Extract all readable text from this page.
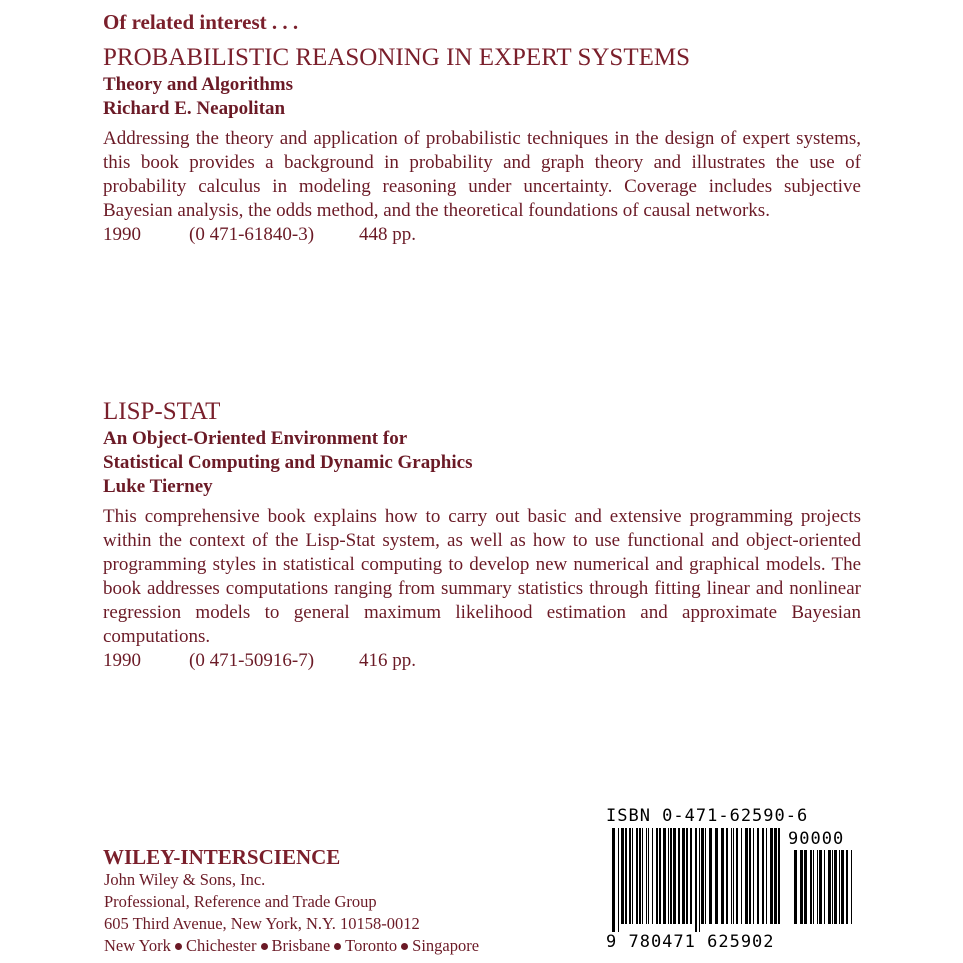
Of related interest . . .

PROBABILISTIC REASONING IN EXPERT SYSTEMS

Theory and Algorithms

Richard E. Neapolitan

Addressing the theory and application of probabilistic techniques in the design of expert systems, this book provides a background in probability and graph theory and illustrates the use of probability calculus in modeling reasoning under uncertainty. Coverage includes subjective Bayesian analysis, the odds method, and the theoretical foundations of causal networks.

1990	(0 471-61840-3)	448 pp.
LISP-STAT

An Object-Oriented Environment for

Statistical Computing and Dynamic Graphics

Luke Tierney

This comprehensive book explains how to carry out basic and extensive programming projects within the context of the Lisp-Stat system, as well as how to use functional and object-oriented programming styles in statistical computing to develop new numerical and graphical models. The book addresses computations ranging from summary statistics through fitting linear and nonlinear regression models to general maximum likelihood estimation and approximate Bayesian computations.

1990	(0 471-50916-7)	416 pp.

WILEY-INTERSCIENCE

John Wiley & Sons, Inc.

Professional, Reference and Trade Group

605 Third Avenue, New York, N.Y. 10158-0012

New York Chichester Brisbane Toronto Singapore

ISBN 0-471-62590-6

90000

9 780471 625902
